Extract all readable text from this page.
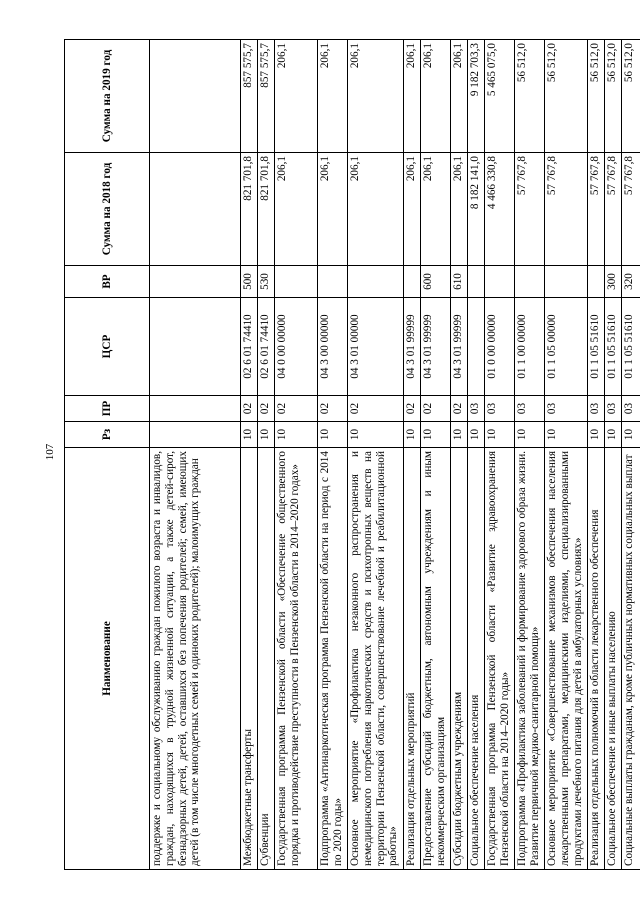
107
Наименование	Рз	ПР	ЦСР	ВР	Сумма на 2018 год	Сумма на 2019 год
поддержке и социальному обслуживанию граждан пожилого возраста и инвалидов, граждан, находящихся в трудной жизненной ситуации, а также детей-сирот, безнадзорных детей, детей, оставшихся без попечения родителей; семей, имеющих детей (в том числе многодетных семей и одиноких родителей); малоимущих граждан						
Межбюджетные трансферты	10	02	02 6 01 74410	500	821 701,8	857 575,7
Субвенции	10	02	02 6 01 74410	530	821 701,8	857 575,7
Государственная программа Пензенской области «Обеспечение общественного порядка и противодействие преступности в Пензенской области в 2014–2020 годах»	10	02	04 0 00 00000		206,1	206,1
Подпрограмма «Антинаркотическая программа Пензенской области на период с 2014 по 2020 годы»	10	02	04 3 00 00000		206,1	206,1
Основное мероприятие «Профилактика незаконного распространения и немедицинского потребления наркотических средств и психотропных веществ на территории Пензенской области, совершенствование лечебной и реабилитационной работы»	10	02	04 3 01 00000		206,1	206,1
Реализация отдельных мероприятий	10	02	04 3 01 99999		206,1	206,1
Предоставление субсидий бюджетным, автономным учреждениям и иным некоммерческим организациям	10	02	04 3 01 99999	600	206,1	206,1
Субсидии бюджетным учреждениям	10	02	04 3 01 99999	610	206,1	206,1
Социальное обеспечение населения	10	03			8 182 141,0	9 182 703,3
Государственная программа Пензенской области «Развитие здравоохранения Пензенской области на 2014–2020 годы»	10	03	01 0 00 00000		4 466 330,8	5 465 075,0
Подпрограмма «Профилактика заболеваний и формирование здорового образа жизни. Развитие первичной медико-санитарной помощи»	10	03	01 1 00 00000		57 767,8	56 512,0
Основное мероприятие «Совершенствование механизмов обеспечения населения лекарственными препаратами, медицинскими изделиями, специализированными продуктами лечебного питания для детей в амбулаторных условиях»	10	03	01 1 05 00000		57 767,8	56 512,0
Реализация отдельных полномочий в области лекарственного обеспечения	10	03	01 1 05 51610		57 767,8	56 512,0
Социальное обеспечение и иные выплаты населению	10	03	01 1 05 51610	300	57 767,8	56 512,0
Социальные выплаты гражданам, кроме публичных нормативных социальных выплат	10	03	01 1 05 51610	320	57 767,8	56 512,0
